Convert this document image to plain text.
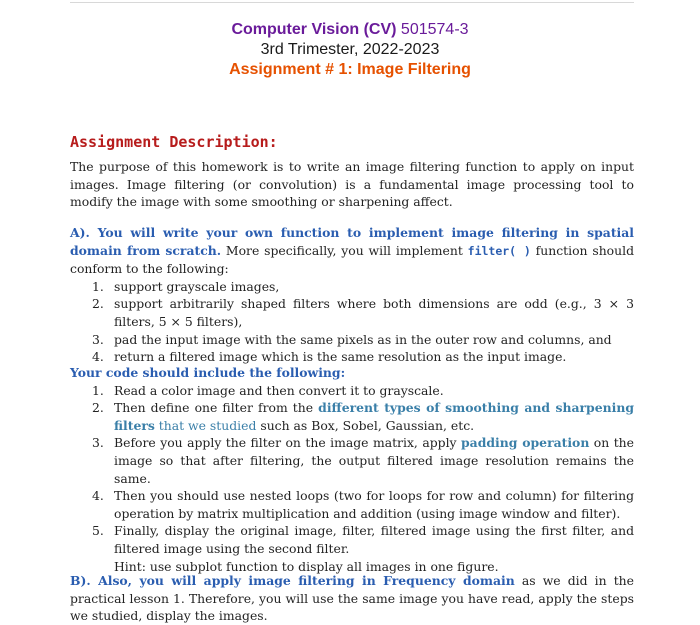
Computer Vision (CV) 501574-3
3rd Trimester, 2022-2023
Assignment # 1: Image Filtering
Assignment Description:

The purpose of this homework is to write an image filtering function to apply on input images. Image filtering (or convolution) is a fundamental image processing tool to modify the image with some smoothing or sharpening affect.

A). You will write your own function to implement image filtering in spatial domain from scratch. More specifically, you will implement filter( ) function should conform to the following:

1. support grayscale images,
2. support arbitrarily shaped filters where both dimensions are odd (e.g., 3 × 3 filters, 5 × 5 filters),
3. pad the input image with the same pixels as in the outer row and columns, and
4. return a filtered image which is the same resolution as the input image.

Your code should include the following:

1. Read a color image and then convert it to grayscale.
2. Then define one filter from the different types of smoothing and sharpening filters that we studied such as Box, Sobel, Gaussian, etc.
3. Before you apply the filter on the image matrix, apply padding operation on the image so that after filtering, the output filtered image resolution remains the same.
4. Then you should use nested loops (two for loops for row and column) for filtering operation by matrix multiplication and addition (using image window and filter).
5. Finally, display the original image, filter, filtered image using the first filter, and filtered image using the second filter.

Hint: use subplot function to display all images in one figure.

B). Also, you will apply image filtering in Frequency domain as we did in the practical lesson 1. Therefore, you will use the same image you have read, apply the steps we studied, display the images.
